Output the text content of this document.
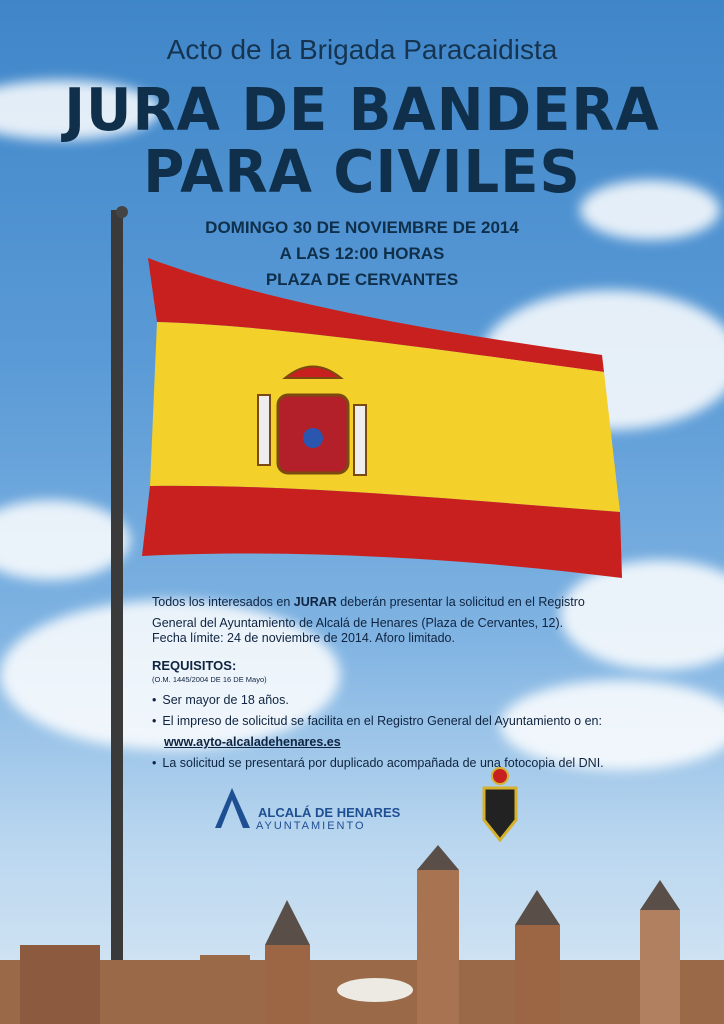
Acto de la Brigada Paracaidista
JURA DE BANDERA
PARA CIVILES
DOMINGO 30 DE NOVIEMBRE DE 2014
A LAS 12:00 HORAS
PLAZA DE CERVANTES
Todos los interesados en JURAR deberán presentar la solicitud en el Registro General del Ayuntamiento de Alcalá de Henares (Plaza de Cervantes, 12).
Fecha límite: 24 de noviembre de 2014. Aforo limitado.
REQUISITOS:
(O.M. 1445/2004 DE 16 DE Mayo)
• Ser mayor de 18 años.
• El impreso de solicitud se facilita en el Registro General del Ayuntamiento o en:
www.ayto-alcaladehenares.es
• La solicitud se presentará por duplicado acompañada de una fotocopia del DNI.
ALCALÁ DE HENARES
AYUNTAMIENTO
